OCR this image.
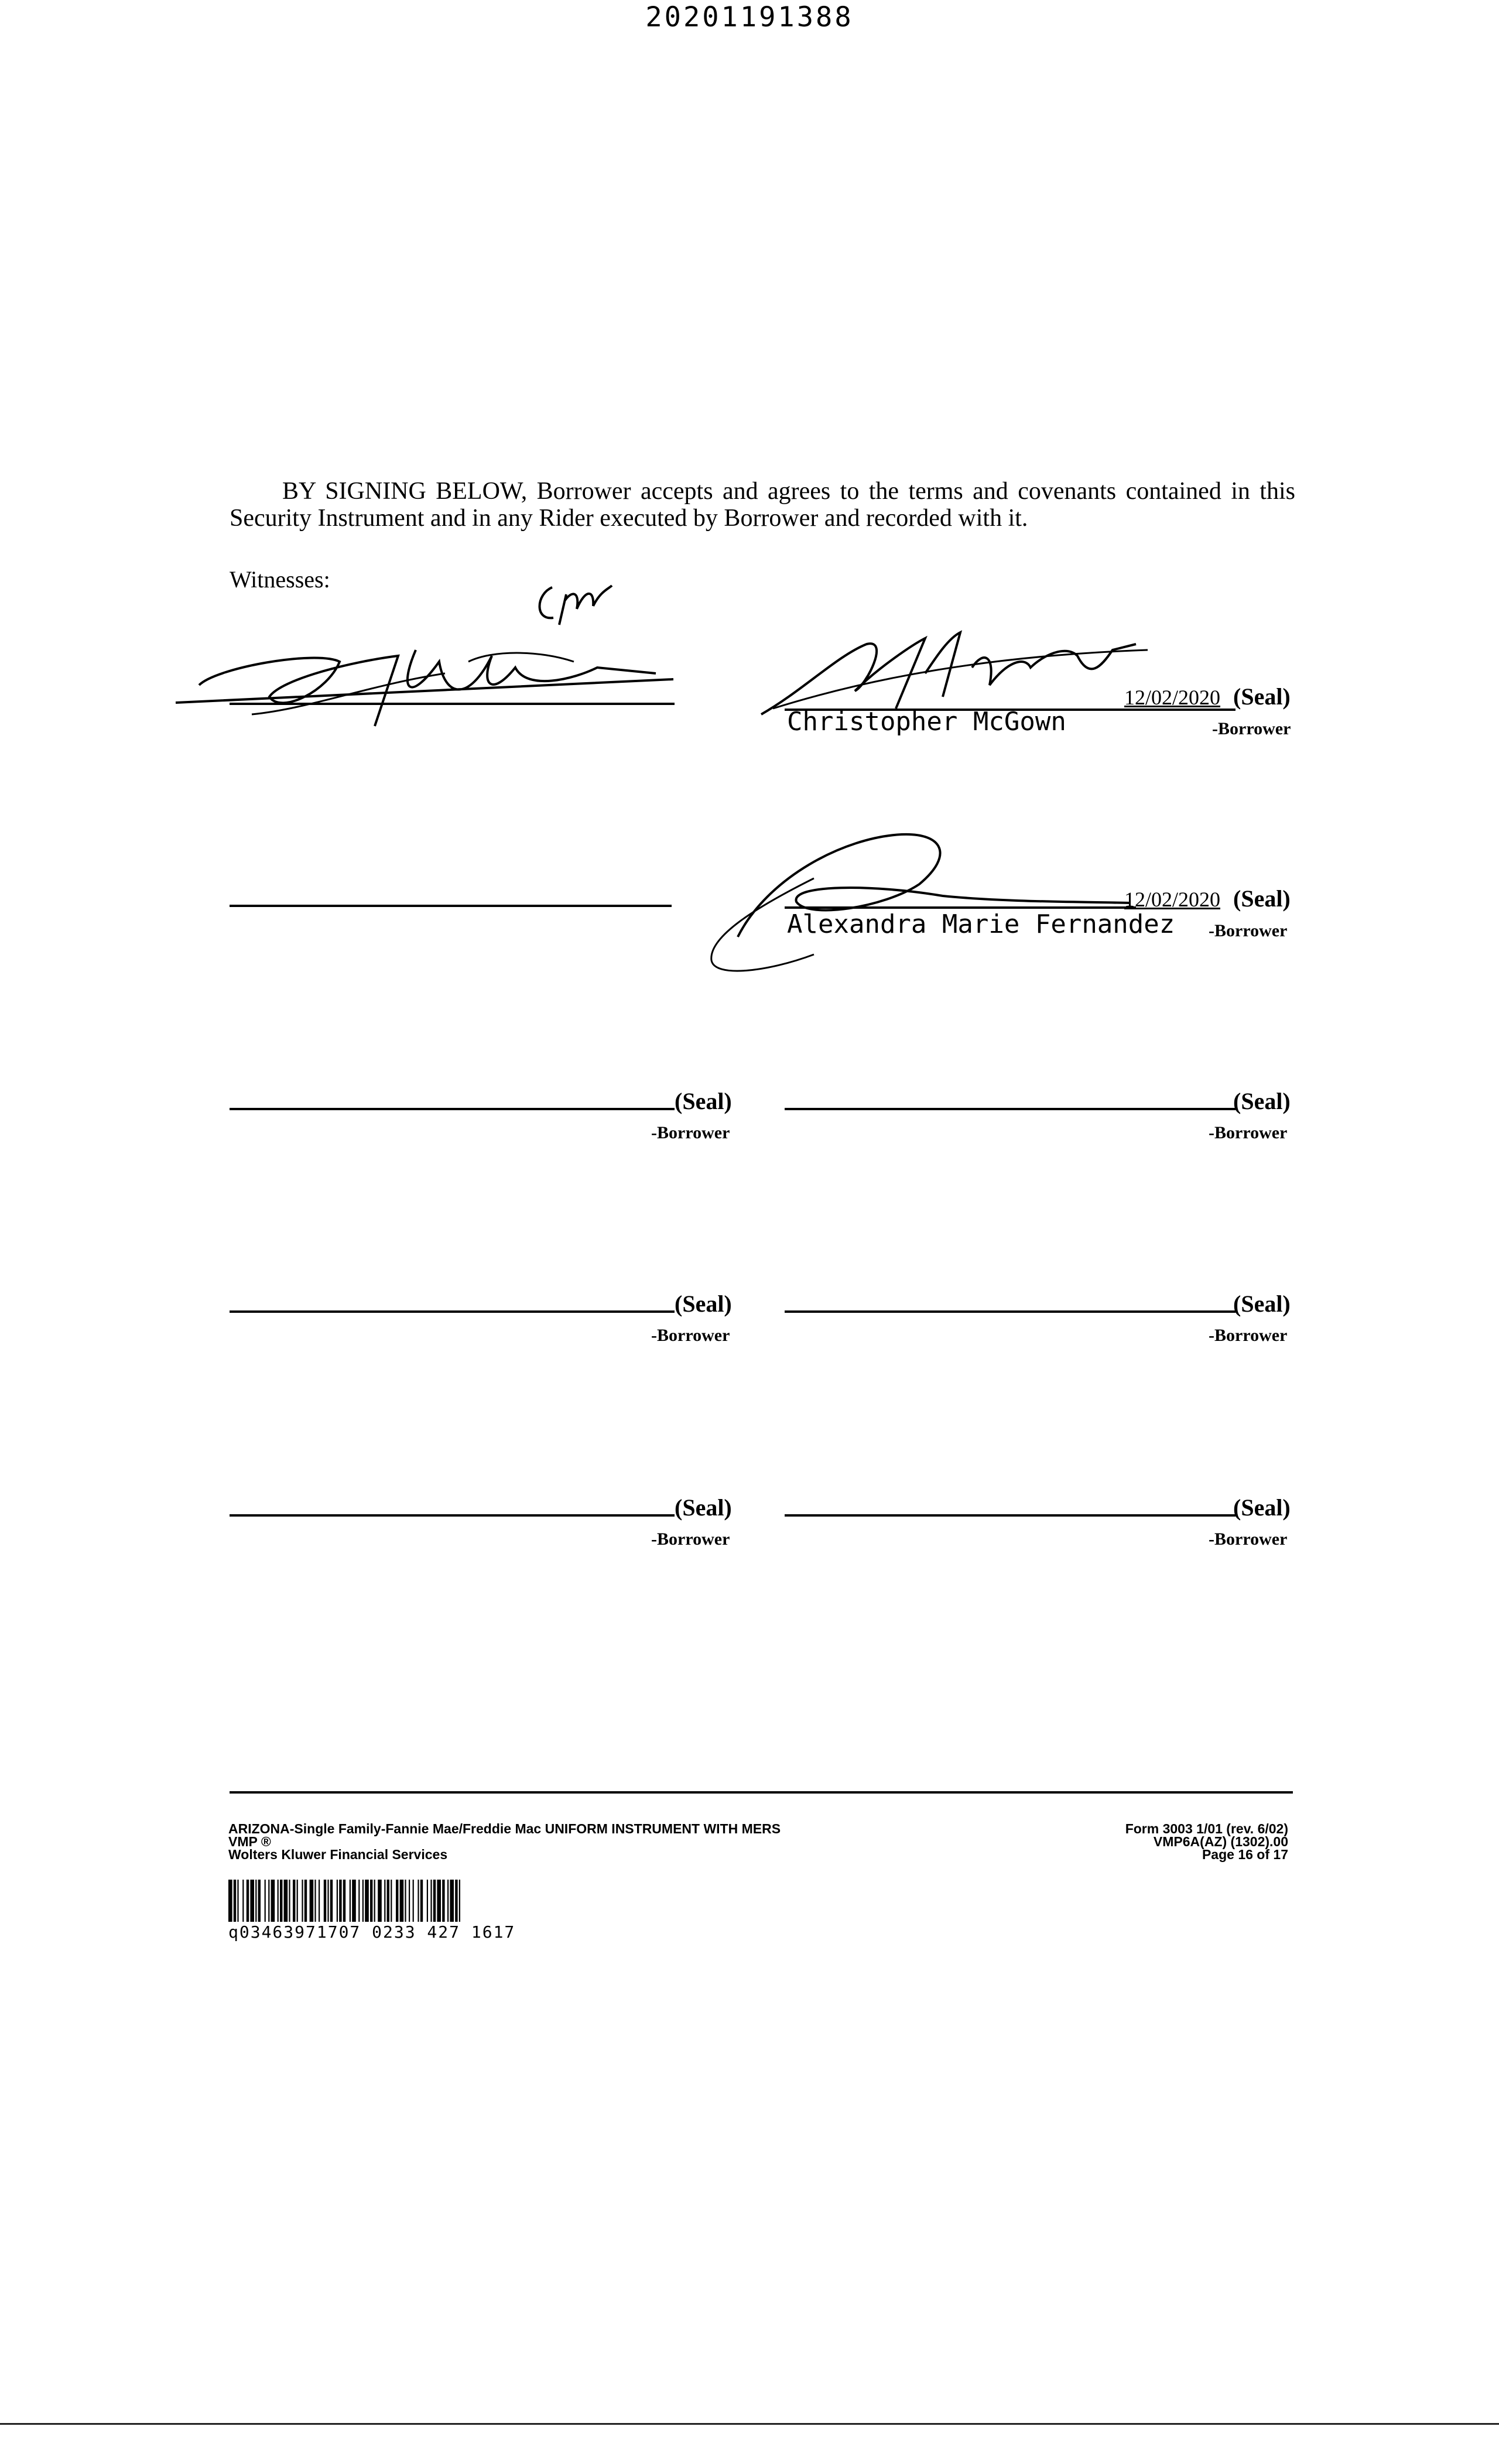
20201191388
BY SIGNING BELOW, Borrower accepts and agrees to the terms and covenants contained in this Security Instrument and in any Rider executed by Borrower and recorded with it.
Witnesses:
12/02/2020 (Seal)
Christopher McGown	-Borrower
12/02/2020 (Seal)
Alexandra Marie Fernandez -Borrower
(Seal)
-Borrower
(Seal)
-Borrower
(Seal)
-Borrower
(Seal)
-Borrower
(Seal)
-Borrower
(Seal)
-Borrower
ARIZONA-Single Family-Fannie Mae/Freddie Mac UNIFORM INSTRUMENT WITH MERS
VMP ®
Wolters Kluwer Financial Services
Form 3003 1/01 (rev. 6/02)
VMP6A(AZ) (1302).00
Page 16 of 17
q03463971707 0233 427 1617
